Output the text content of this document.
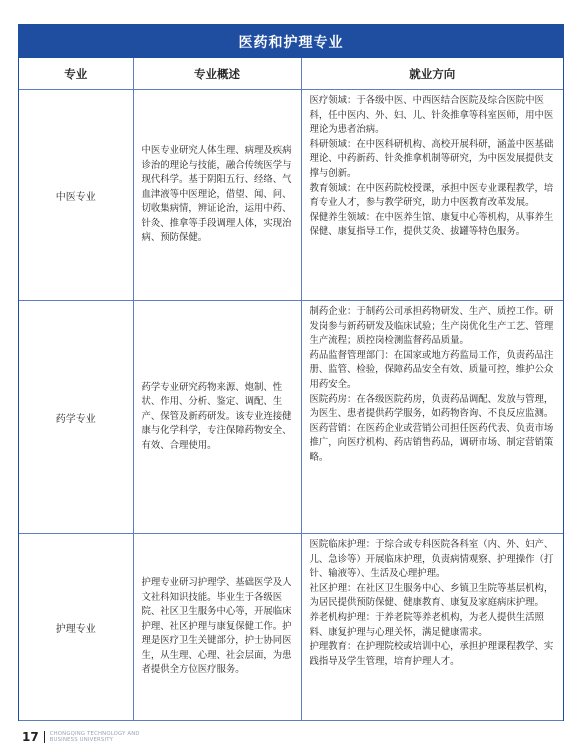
医药和护理专业
专业	专业概述	就业方向
中医专业	中医专业研究人体生理、病理及疾病诊治的理论与技能，融合传统医学与现代科学。基于阴阳五行、经络、气血津液等中医理论，借望、闻、问、切收集病情，辨证论治，运用中药、针灸、推拿等手段调理人体，实现治病、预防保健。	医疗领域：于各级中医、中西医结合医院及综合医院中医科，任中医内、外、妇、儿、针灸推拿等科室医师，用中医理论为患者治病。
科研领域：在中医科研机构、高校开展科研，涵盖中医基础理论、中药新药、针灸推拿机制等研究，为中医发展提供支撑与创新。
教育领域：在中医药院校授课，承担中医专业课程教学，培育专业人才，参与教学研究，助力中医教育改革发展。
保健养生领域：在中医养生馆、康复中心等机构，从事养生保健、康复指导工作，提供艾灸、拔罐等特色服务。

药学专业	药学专业研究药物来源、炮制、性状、作用、分析、鉴定、调配、生产、保管及新药研发。该专业连接健康与化学科学，专注保障药物安全、有效、合理使用。	制药企业：于制药公司承担药物研发、生产、质控工作。研发岗参与新药研发及临床试验；生产岗优化生产工艺、管理生产流程；质控岗检测监督药品质量。
药品监督管理部门：在国家或地方药监局工作，负责药品注册、监管、检验，保障药品安全有效、质量可控，维护公众用药安全。
医院药房：在各级医院药房，负责药品调配、发放与管理，为医生、患者提供药学服务，如药物咨询、不良反应监测。
医药营销：在医药企业或营销公司担任医药代表、负责市场推广，向医疗机构、药店销售药品，调研市场、制定营销策略。

护理专业	护理专业研习护理学、基础医学及人文社科知识技能。毕业生于各级医院、社区卫生服务中心等，开展临床护理、社区护理与康复保健工作。护理是医疗卫生关键部分，护士协同医生，从生理、心理、社会层面，为患者提供全方位医疗服务。	医院临床护理：于综合或专科医院各科室（内、外、妇产、儿、急诊等）开展临床护理，负责病情观察、护理操作（打针、输液等）、生活及心理护理。
社区护理：在社区卫生服务中心、乡镇卫生院等基层机构，为居民提供预防保健、健康教育、康复及家庭病床护理。
养老机构护理：于养老院等养老机构，为老人提供生活照料、康复护理与心理关怀，满足健康需求。
护理教育：在护理院校或培训中心，承担护理课程教学、实践指导及学生管理，培育护理人才。
17 CHONGQING TECHNOLOGY AND
BUSINESS UNIVERSITY
